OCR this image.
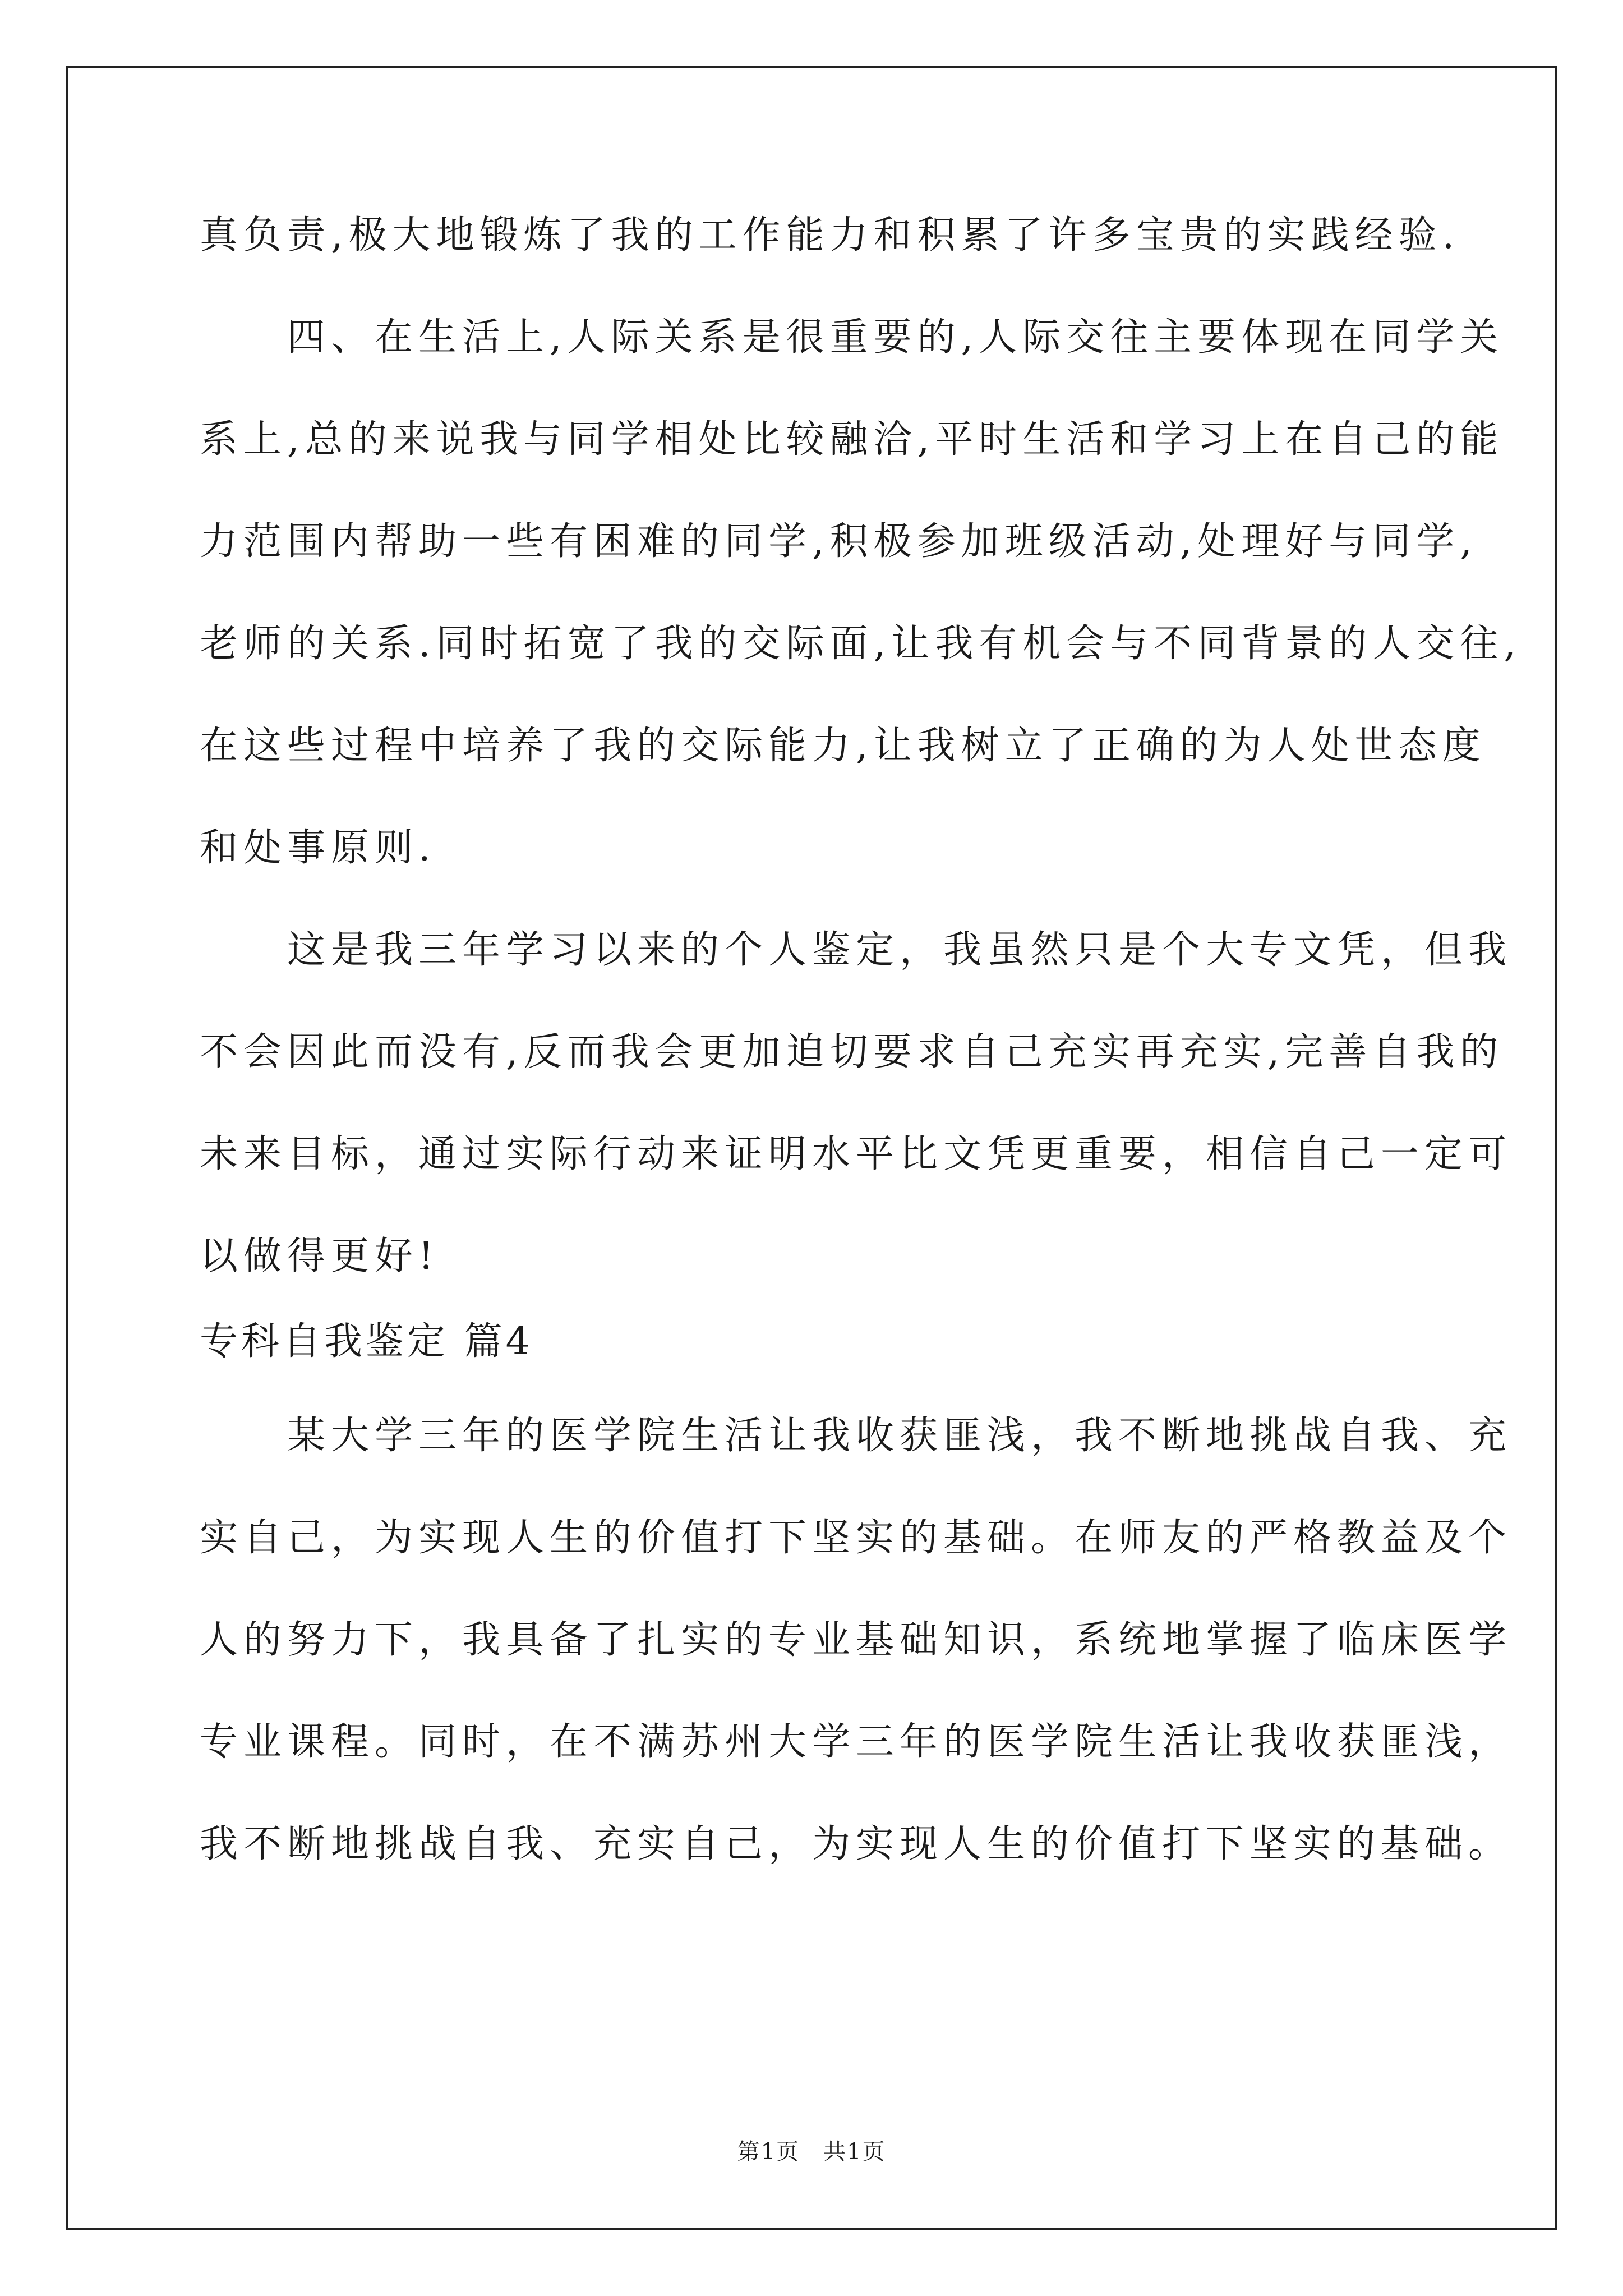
真负责,极大地锻炼了我的工作能力和积累了许多宝贵的实践经验.
　　四、在生活上,人际关系是很重要的,人际交往主要体现在同学关
系上,总的来说我与同学相处比较融洽,平时生活和学习上在自己的能
力范围内帮助一些有困难的同学,积极参加班级活动,处理好与同学,
老师的关系.同时拓宽了我的交际面,让我有机会与不同背景的人交往,
在这些过程中培养了我的交际能力,让我树立了正确的为人处世态度
和处事原则.
　　这是我三年学习以来的个人鉴定，我虽然只是个大专文凭，但我
不会因此而没有,反而我会更加迫切要求自己充实再充实,完善自我的
未来目标，通过实际行动来证明水平比文凭更重要，相信自己一定可
以做得更好!
专科自我鉴定 篇4
　　某大学三年的医学院生活让我收获匪浅，我不断地挑战自我、充
实自己，为实现人生的价值打下坚实的基础。在师友的严格教益及个
人的努力下，我具备了扎实的专业基础知识，系统地掌握了临床医学
专业课程。同时，在不满苏州大学三年的医学院生活让我收获匪浅，
我不断地挑战自我、充实自己，为实现人生的价值打下坚实的基础。
第1页　共1页
